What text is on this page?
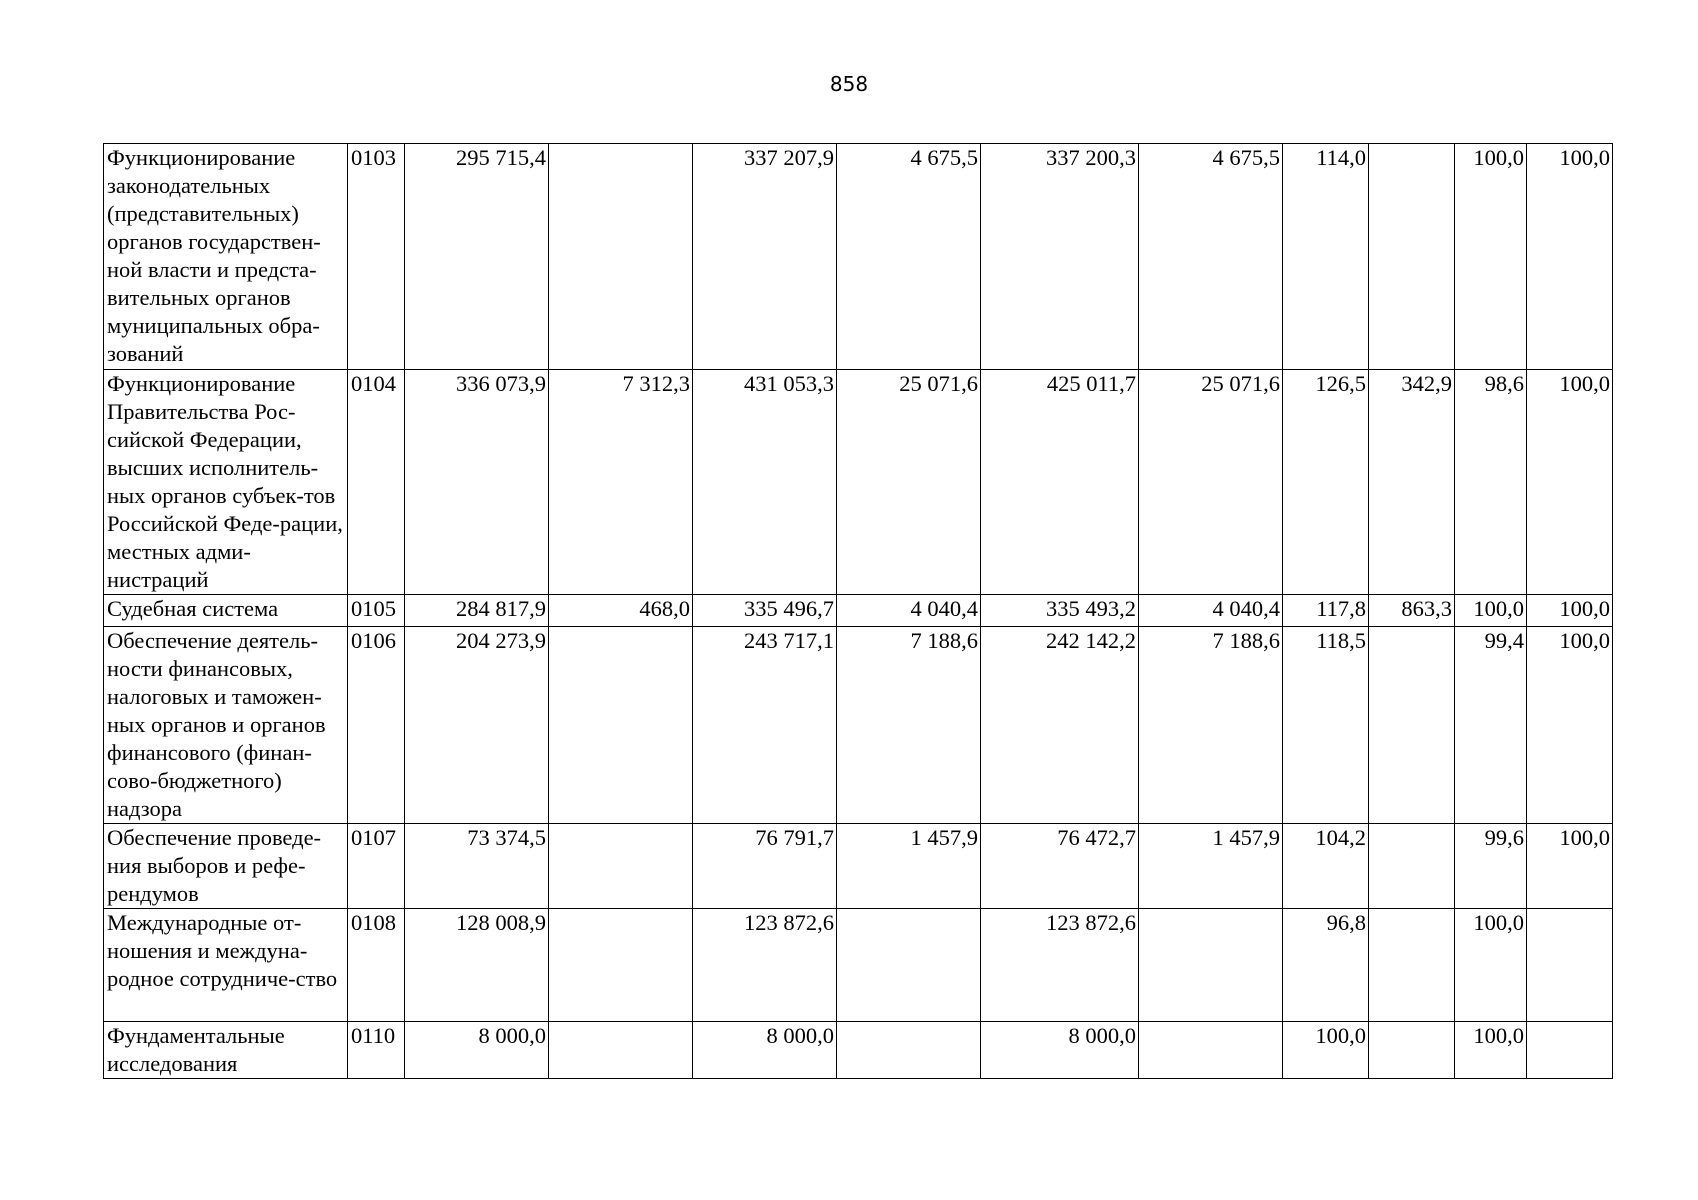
858
Функционирование законодательных (представительных) органов государствен-ной власти и предста-вительных органов муниципальных обра-зований	0103	295 715,4		337 207,9	4 675,5	337 200,3	4 675,5	114,0		100,0	100,0
Функционирование Правительства Рос-сийской Федерации, высших исполнитель-ных органов субъек-тов Российской Феде-рации, местных адми-нистраций	0104	336 073,9	7 312,3	431 053,3	25 071,6	425 011,7	25 071,6	126,5	342,9	98,6	100,0
Судебная система	0105	284 817,9	468,0	335 496,7	4 040,4	335 493,2	4 040,4	117,8	863,3	100,0	100,0
Обеспечение деятель-ности финансовых, налоговых и таможен-ных органов и органов финансового (финан-сово-бюджетного) надзора	0106	204 273,9		243 717,1	7 188,6	242 142,2	7 188,6	118,5		99,4	100,0
Обеспечение проведе-ния выборов и рефе-рендумов	0107	73 374,5		76 791,7	1 457,9	76 472,7	1 457,9	104,2		99,6	100,0
Международные от-ношения и междуна-родное сотрудниче-ство	0108	128 008,9		123 872,6		123 872,6		96,8		100,0	
Фундаментальные исследования	0110	8 000,0		8 000,0		8 000,0		100,0		100,0	
